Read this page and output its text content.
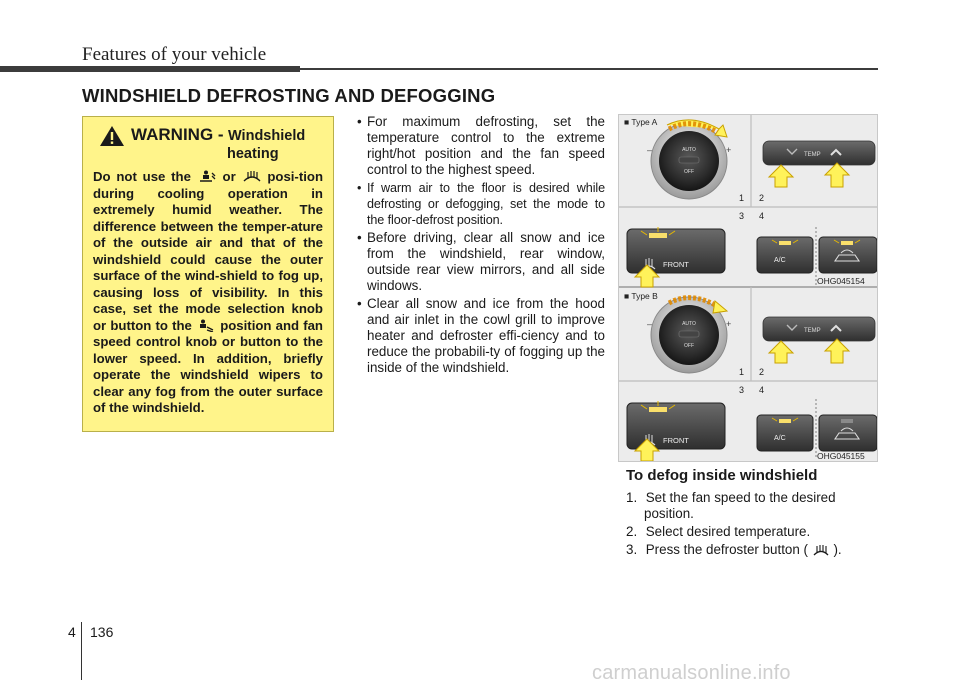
Features of your vehicle
WINDSHIELD DEFROSTING AND DEFOGGING
WARNING - Windshield
heating
Do not use the or posi-tion during cooling operation in extremely humid weather. The difference between the temper-ature of the outside air and that of the windshield could cause the outer surface of the wind-shield to fog up, causing loss of visibility. In this case, set the mode selection knob or button to the position and fan speed control knob or button to the lower speed. In addition, briefly operate the windshield wipers to clear any fog from the outer surface of the windshield.
• For maximum defrosting, set the temperature control to the extreme right/hot position and the fan speed control to the highest speed.
• If warm air to the floor is desired while defrosting or defogging, set the mode to the floor-defrost position.
• Before driving, clear all snow and ice from the windshield, rear window, outside rear view mirrors, and all side windows.
• Clear all snow and ice from the hood and air inlet in the cowl grill to improve heater and defroster effi-ciency and to reduce the probabili-ty of fogging up the inside of the windshield.
■ Type A
AUTO
OFF
–	+	TEMP
1 2
3 4
FRONT	A/C
OHG045154
■ Type B
AUTO
OFF
–	+
TEMP
1 2
3 4
FRONT	A/C
OHG045155
To defog inside windshield
1. Set the fan speed to the desired
position.
2. Select desired temperature.
3. Press the defroster button ( ).
4 136
carmanualsonline.info
